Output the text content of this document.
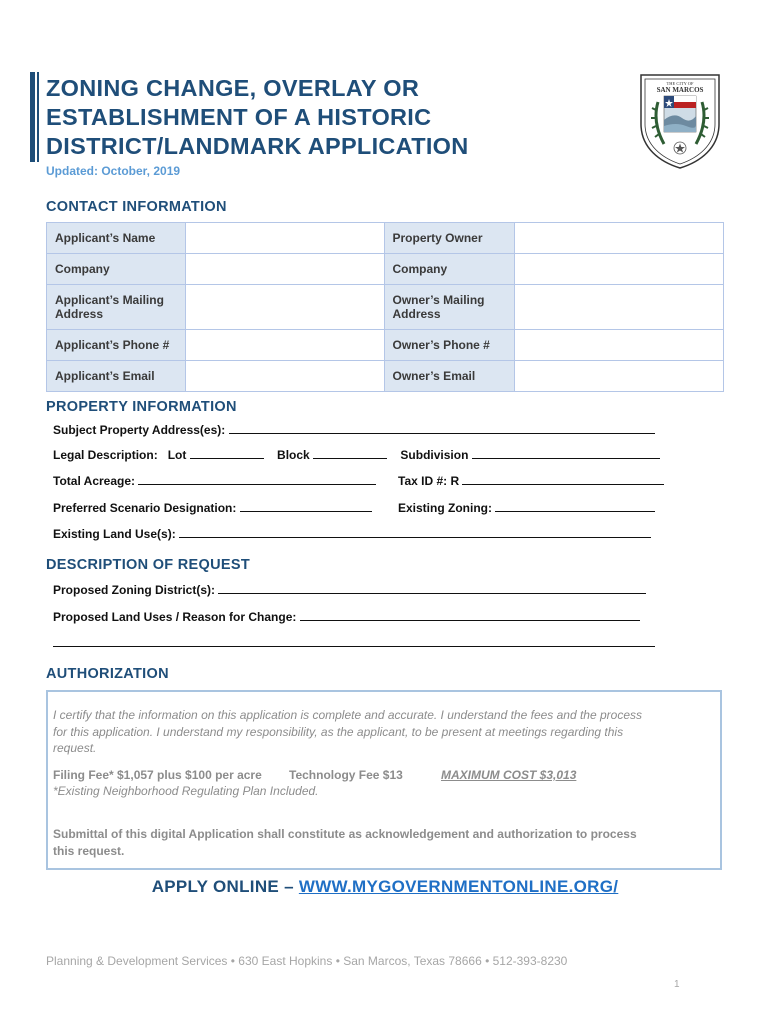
ZONING CHANGE, OVERLAY OR
ESTABLISHMENT OF A HISTORIC
DISTRICT/LANDMARK APPLICATION
Updated: October, 2019
THE CITY OF
SAN MARCOS
CONTACT INFORMATION
Applicant’s Name		Property Owner	
Company		Company	
Applicant’s Mailing Address		Owner’s Mailing Address	
Applicant’s Phone #		Owner’s Phone #	
Applicant’s Email		Owner’s Email	
PROPERTY INFORMATION
Subject Property Address(es):
Legal Description: Lot	Block	Subdivision
Total Acreage:	Tax ID #: R
Preferred Scenario Designation:	Existing Zoning:
Existing Land Use(s):
DESCRIPTION OF REQUEST
Proposed Zoning District(s):
Proposed Land Uses / Reason for Change:
AUTHORIZATION
I certify that the information on this application is complete and accurate. I understand the fees and the process
for this application. I understand my responsibility, as the applicant, to be present at meetings regarding this
request.
Filing Fee* $1,057 plus $100 per acre Technology Fee $13	MAXIMUM COST $3,013
*Existing Neighborhood Regulating Plan Included.
Submittal of this digital Application shall constitute as acknowledgement and authorization to process
this request.
APPLY ONLINE – WWW.MYGOVERNMENTONLINE.ORG/
Planning & Development Services • 630 East Hopkins • San Marcos, Texas 78666 • 512-393-8230
1
